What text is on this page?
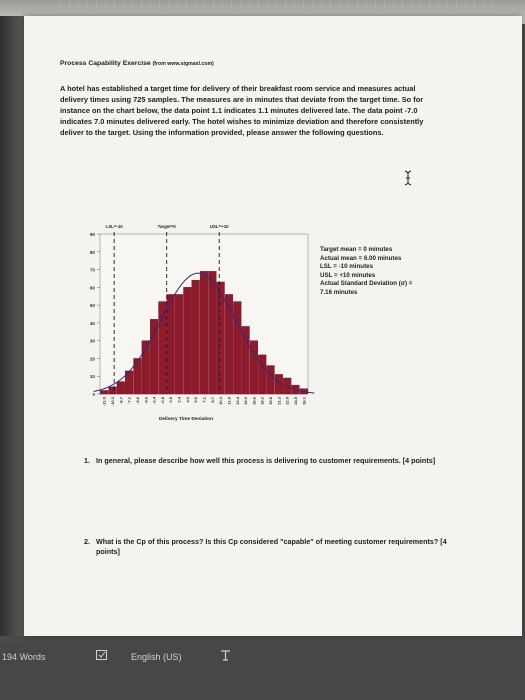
Process Capability Exercise (from www.sigmaxl.com)
A hotel has established a target time for delivery of their breakfast room service and measures actual delivery times using 725 samples. The measures are in minutes that deviate from the target time. So for instance on the chart below, the data point 1.1 indicates 1.1 minutes delivered late. The data point -7.0 indicates 7.0 minutes delivered early. The hotel wishes to minimize deviation and therefore consistently deliver to the target. Using the information provided, please answer the following questions.
0
10
20
30
40
50
60
70
80
90
-11.9 -10.3 -8.7 -7.1 -5.6 -4.0 -2.4 -0.8 0.8 2.4 4.0 5.6 7.1 8.7 10.3 11.9 13.4 15.0 16.6 18.2 19.8 21.3 22.9 24.5 26.1
LSL=-10	Target=0	USL=+10
Delivery Time Deviation
Target mean = 0 minutes
Actual mean = 6.00 minutes
LSL = -10 minutes
USL = +10 minutes
Actual Standard Deviation (σ) =
7.16 minutes
1. In general, please describe how well this process is delivering to customer requirements. [4 points]
2. What is the Cp of this process? Is this Cp considered "capable" of meeting customer requirements? [4 points]
194 Words	English (US)
